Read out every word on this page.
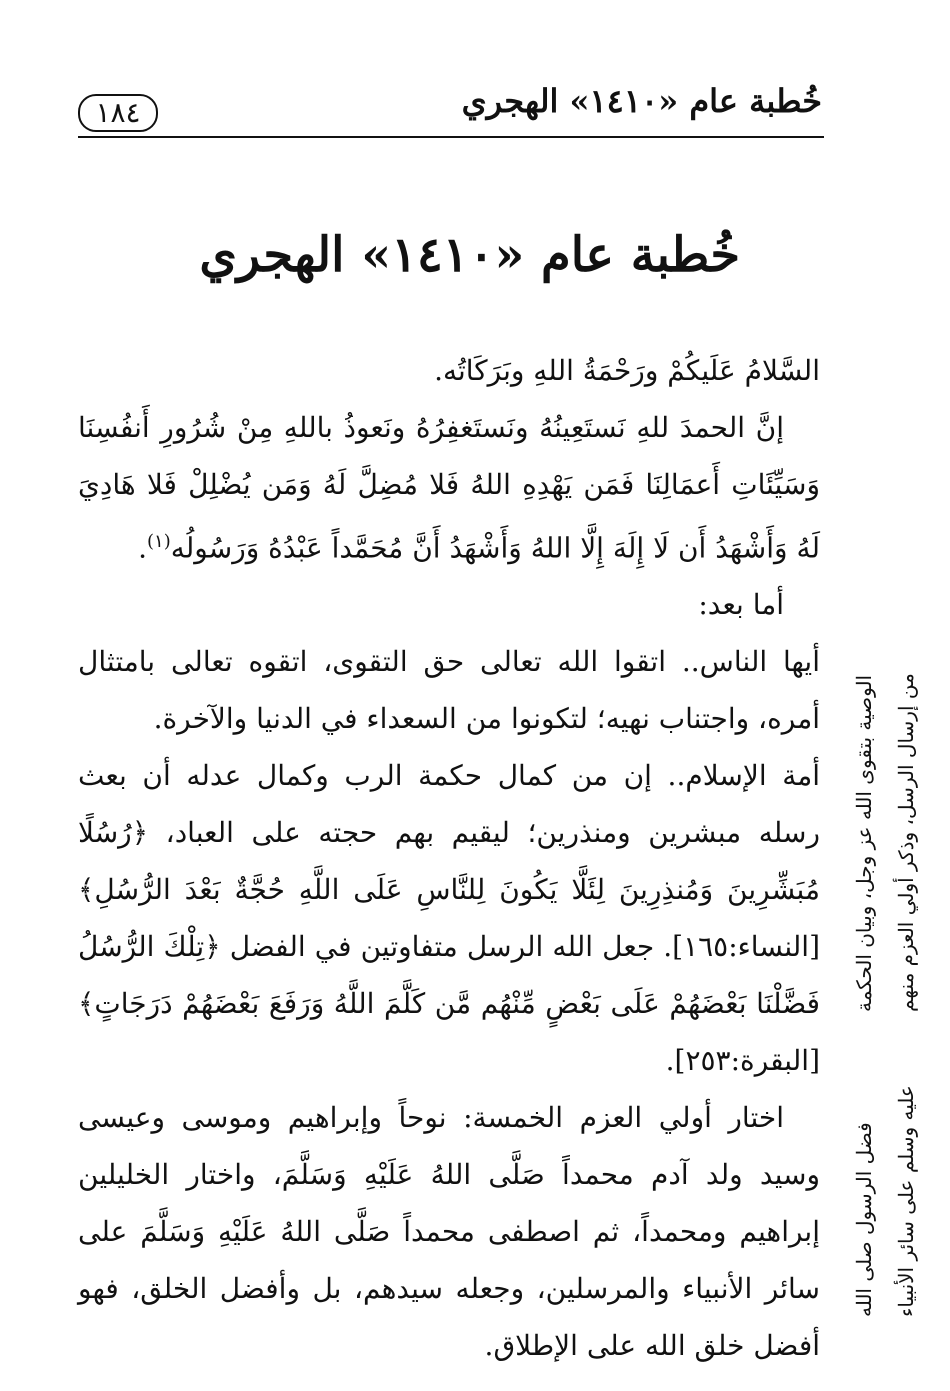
خُطبة عام «١٤١٠» الهجري
١٨٤
خُطبة عام «١٤١٠» الهجري

السَّلامُ عَلَيكُمْ ورَحْمَةُ اللهِ وبَرَكَاتُه.

إنَّ الحمدَ للهِ نَستَعِينُهُ ونَستَغفِرُهُ ونَعوذُ باللهِ مِنْ شُرُورِ أَنفُسِنَا وَسَيِّئَاتِ أَعمَالِنَا فَمَن يَهْدِهِ اللهُ فَلا مُضِلَّ لَهُ وَمَن يُضْلِلْ فَلا هَادِيَ لَهُ وَأَشْهَدُ أَن لَا إِلَهَ إِلَّا اللهُ وَأَشْهَدُ أَنَّ مُحَمَّداً عَبْدُهُ وَرَسُولُه$^{(١)}$.

أما بعد:

أيها الناس.. اتقوا الله تعالى حق التقوى، اتقوه تعالى بامتثال أمره، واجتناب نهيه؛ لتكونوا من السعداء في الدنيا والآخرة.

أمة الإسلام.. إن من كمال حكمة الرب وكمال عدله أن بعث رسله مبشرين ومنذرين؛ ليقيم بهم حجته على العباد، ﴿رُسُلًا مُبَشِّرِينَ وَمُنذِرِينَ لِئَلَّا يَكُونَ لِلنَّاسِ عَلَى اللَّهِ حُجَّةٌ بَعْدَ الرُّسُلِ﴾ [النساء:١٦٥]. جعل الله الرسل متفاوتين في الفضل ﴿تِلْكَ الرُّسُلُ فَضَّلْنَا بَعْضَهُمْ عَلَى بَعْضٍ مِّنْهُم مَّن كَلَّمَ اللَّهُ وَرَفَعَ بَعْضَهُمْ دَرَجَاتٍ﴾ [البقرة:٢٥٣].

اختار أولي العزم الخمسة: نوحاً وإبراهيم وموسى وعيسى وسيد ولد آدم محمداً صَلَّى اللهُ عَلَيْهِ وَسَلَّمَ، واختار الخليلين إبراهيم ومحمداً، ثم اصطفى محمداً صَلَّى اللهُ عَلَيْهِ وَسَلَّمَ على سائر الأنبياء والمرسلين، وجعله سيدهم، بل وأفضل الخلق، فهو أفضل خلق الله على الإطلاق.

الوصية بتقوى الله عز وجل، وبيان الحكمة من إرسال الرسل، وذكر أولي العزم منهم
فضل الرسول صلى الله عليه وسلم على سائر الأنبياء
